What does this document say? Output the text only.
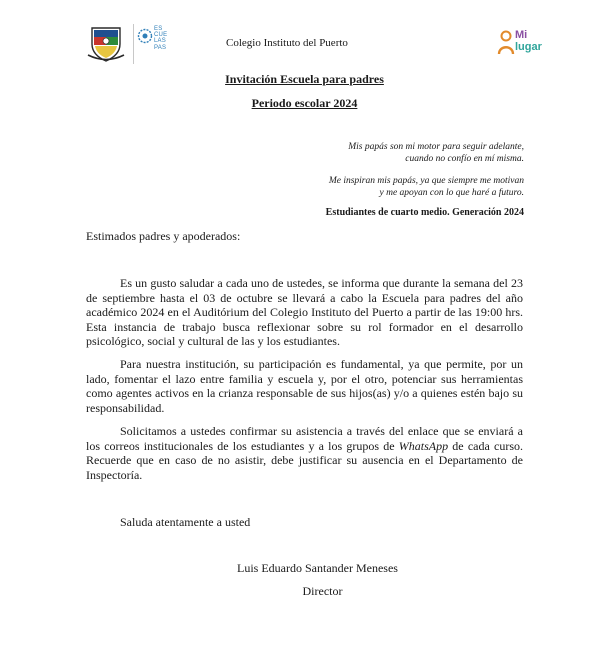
ES
CUE
LAS
PAS	Colegio Instituto del Puerto
Mi
lugar
Invitación Escuela para padres
Periodo escolar 2024
Mis papás son mi motor para seguir adelante,
cuando no confío en mí misma.
Me inspiran mis papás, ya que siempre me motivan
y me apoyan con lo que haré a futuro.
Estudiantes de cuarto medio. Generación 2024
Estimados padres y apoderados:
Es un gusto saludar a cada uno de ustedes, se informa que durante la semana del 23 de septiembre hasta el 03 de octubre se llevará a cabo la Escuela para padres del año académico 2024 en el Auditórium del Colegio Instituto del Puerto a partir de las 19:00 hrs. Esta instancia de trabajo busca reflexionar sobre su rol formador en el desarrollo psicológico, social y cultural de las y los estudiantes.
Para nuestra institución, su participación es fundamental, ya que permite, por un lado, fomentar el lazo entre familia y escuela y, por el otro, potenciar sus herramientas como agentes activos en la crianza responsable de sus hijos(as) y/o a quienes estén bajo su responsabilidad.
Solicitamos a ustedes confirmar su asistencia a través del enlace que se enviará a los correos institucionales de los estudiantes y a los grupos de WhatsApp de cada curso. Recuerde que en caso de no asistir, debe justificar su ausencia en el Departamento de Inspectoría.
Saluda atentamente a usted
Luis Eduardo Santander Meneses
Director
